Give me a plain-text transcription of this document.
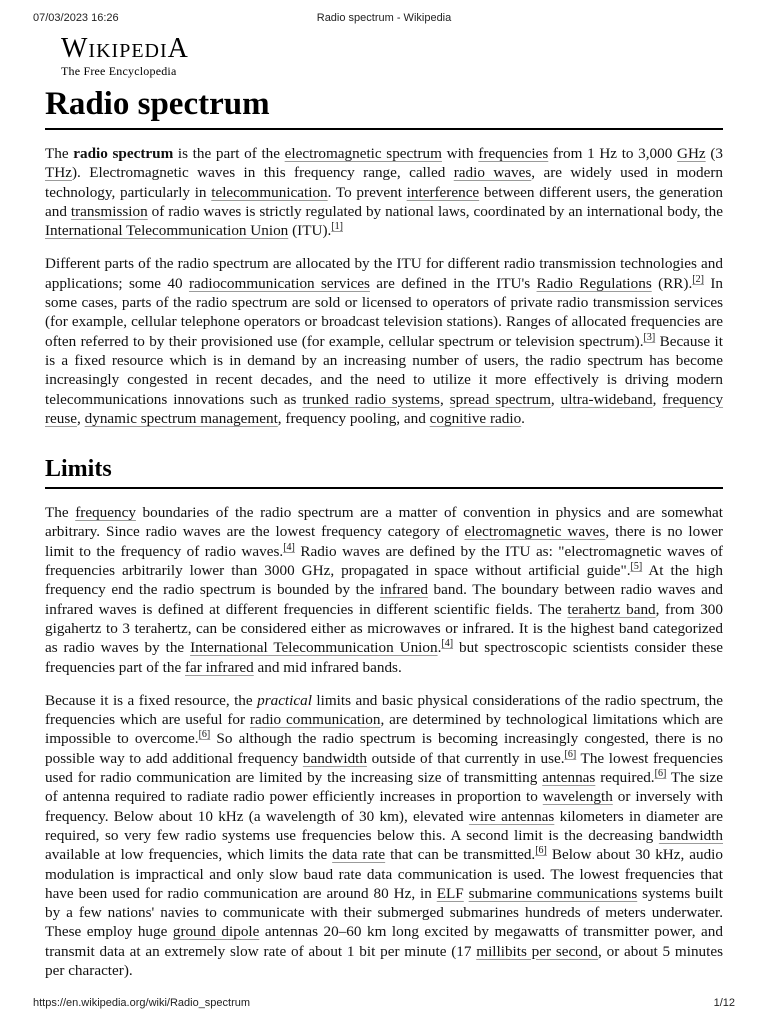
07/03/2023 16:26	Radio spectrum - Wikipedia
WikipediA
The Free Encyclopedia
Radio spectrum

The radio spectrum is the part of the electromagnetic spectrum with frequencies from 1 Hz to 3,000 GHz (3 THz). Electromagnetic waves in this frequency range, called radio waves, are widely used in modern technology, particularly in telecommunication. To prevent interference between different users, the generation and transmission of radio waves is strictly regulated by national laws, coordinated by an international body, the International Telecommunication Union (ITU).[1]

Different parts of the radio spectrum are allocated by the ITU for different radio transmission technologies and applications; some 40 radiocommunication services are defined in the ITU's Radio Regulations (RR).[2] In some cases, parts of the radio spectrum are sold or licensed to operators of private radio transmission services (for example, cellular telephone operators or broadcast television stations). Ranges of allocated frequencies are often referred to by their provisioned use (for example, cellular spectrum or television spectrum).[3] Because it is a fixed resource which is in demand by an increasing number of users, the radio spectrum has become increasingly congested in recent decades, and the need to utilize it more effectively is driving modern telecommunications innovations such as trunked radio systems, spread spectrum, ultra-wideband, frequency reuse, dynamic spectrum management, frequency pooling, and cognitive radio.

Limits

The frequency boundaries of the radio spectrum are a matter of convention in physics and are somewhat arbitrary. Since radio waves are the lowest frequency category of electromagnetic waves, there is no lower limit to the frequency of radio waves.[4] Radio waves are defined by the ITU as: "electromagnetic waves of frequencies arbitrarily lower than 3000 GHz, propagated in space without artificial guide".[5] At the high frequency end the radio spectrum is bounded by the infrared band. The boundary between radio waves and infrared waves is defined at different frequencies in different scientific fields. The terahertz band, from 300 gigahertz to 3 terahertz, can be considered either as microwaves or infrared. It is the highest band categorized as radio waves by the International Telecommunication Union.[4] but spectroscopic scientists consider these frequencies part of the far infrared and mid infrared bands.

Because it is a fixed resource, the practical limits and basic physical considerations of the radio spectrum, the frequencies which are useful for radio communication, are determined by technological limitations which are impossible to overcome.[6] So although the radio spectrum is becoming increasingly congested, there is no possible way to add additional frequency bandwidth outside of that currently in use.[6] The lowest frequencies used for radio communication are limited by the increasing size of transmitting antennas required.[6] The size of antenna required to radiate radio power efficiently increases in proportion to wavelength or inversely with frequency. Below about 10 kHz (a wavelength of 30 km), elevated wire antennas kilometers in diameter are required, so very few radio systems use frequencies below this. A second limit is the decreasing bandwidth available at low frequencies, which limits the data rate that can be transmitted.[6] Below about 30 kHz, audio modulation is impractical and only slow baud rate data communication is used. The lowest frequencies that have been used for radio communication are around 80 Hz, in ELF submarine communications systems built by a few nations' navies to communicate with their submerged submarines hundreds of meters underwater. These employ huge ground dipole antennas 20–60 km long excited by megawatts of transmitter power, and transmit data at an extremely slow rate of about 1 bit per minute (17 millibits per second, or about 5 minutes per character).

https://en.wikipedia.org/wiki/Radio_spectrum	1/12
